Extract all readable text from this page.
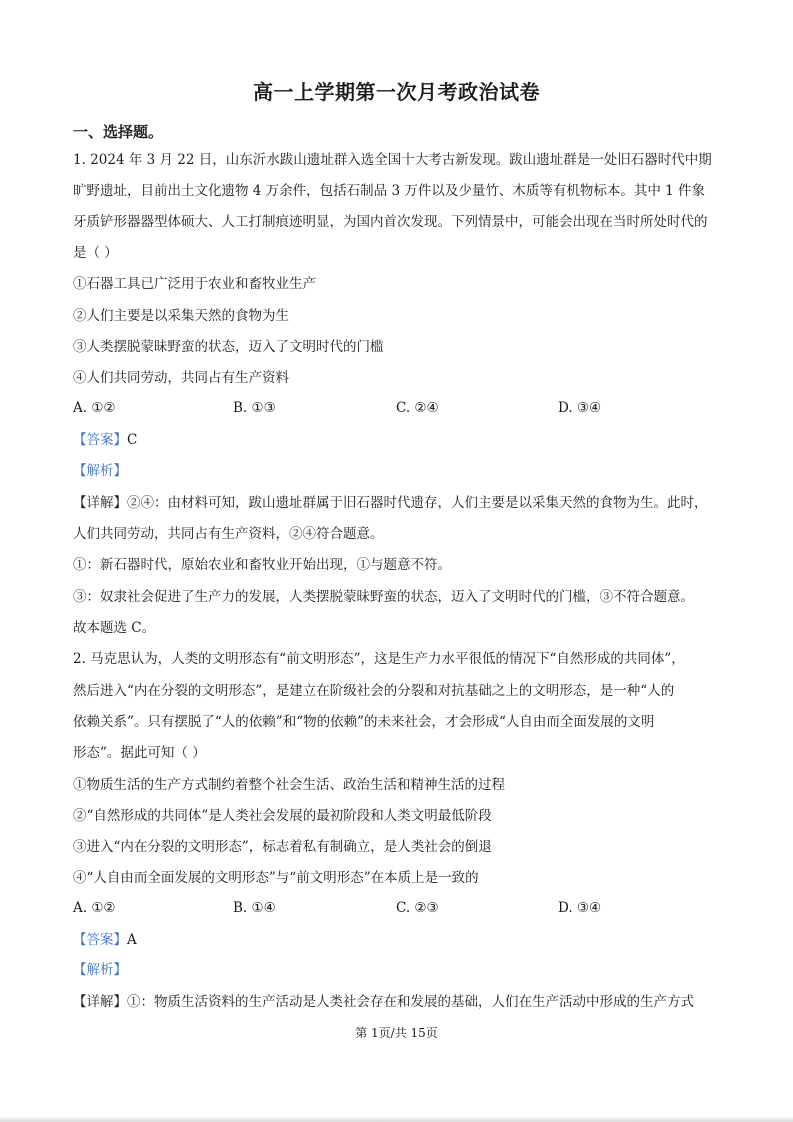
高一上学期第一次月考政治试卷
一、选择题。
1. 2024 年 3 月 22 日，山东沂水跋山遗址群入选全国十大考古新发现。跋山遗址群是一处旧石器时代中期
旷野遗址，目前出土文化遗物 4 万余件，包括石制品 3 万件以及少量竹、木质等有机物标本。其中 1 件象
牙质铲形器器型体硕大、人工打制痕迹明显，为国内首次发现。下列情景中，可能会出现在当时所处时代的
是（ ）
①石器工具已广泛用于农业和畜牧业生产
②人们主要是以采集天然的食物为生
③人类摆脱蒙昧野蛮的状态，迈入了文明时代的门槛
④人们共同劳动，共同占有生产资料
A. ①②	B. ①③	C. ②④	D. ③④
【答案】C
【解析】
【详解】②④：由材料可知，跋山遗址群属于旧石器时代遗存，人们主要是以采集天然的食物为生。此时，
人们共同劳动，共同占有生产资料，②④符合题意。
①：新石器时代，原始农业和畜牧业开始出现，①与题意不符。
③：奴隶社会促进了生产力的发展，人类摆脱蒙昧野蛮的状态，迈入了文明时代的门槛，③不符合题意。
故本题选 C。
2. 马克思认为，人类的文明形态有“前文明形态”，这是生产力水平很低的情况下“自然形成的共同体”，
然后进入“内在分裂的文明形态”，是建立在阶级社会的分裂和对抗基础之上的文明形态，是一种“人的
依赖关系”。只有摆脱了“人的依赖”和“物的依赖”的未来社会，才会形成“人自由而全面发展的文明
形态”。据此可知（ ）
①物质生活的生产方式制约着整个社会生活、政治生活和精神生活的过程
②“自然形成的共同体”是人类社会发展的最初阶段和人类文明最低阶段
③进入“内在分裂的文明形态”，标志着私有制确立，是人类社会的倒退
④“人自由而全面发展的文明形态”与“前文明形态”在本质上是一致的
A. ①②	B. ①④	C. ②③	D. ③④
【答案】A
【解析】
【详解】①：物质生活资料的生产活动是人类社会存在和发展的基础，人们在生产活动中形成的生产方式
第 1页/共 15页
